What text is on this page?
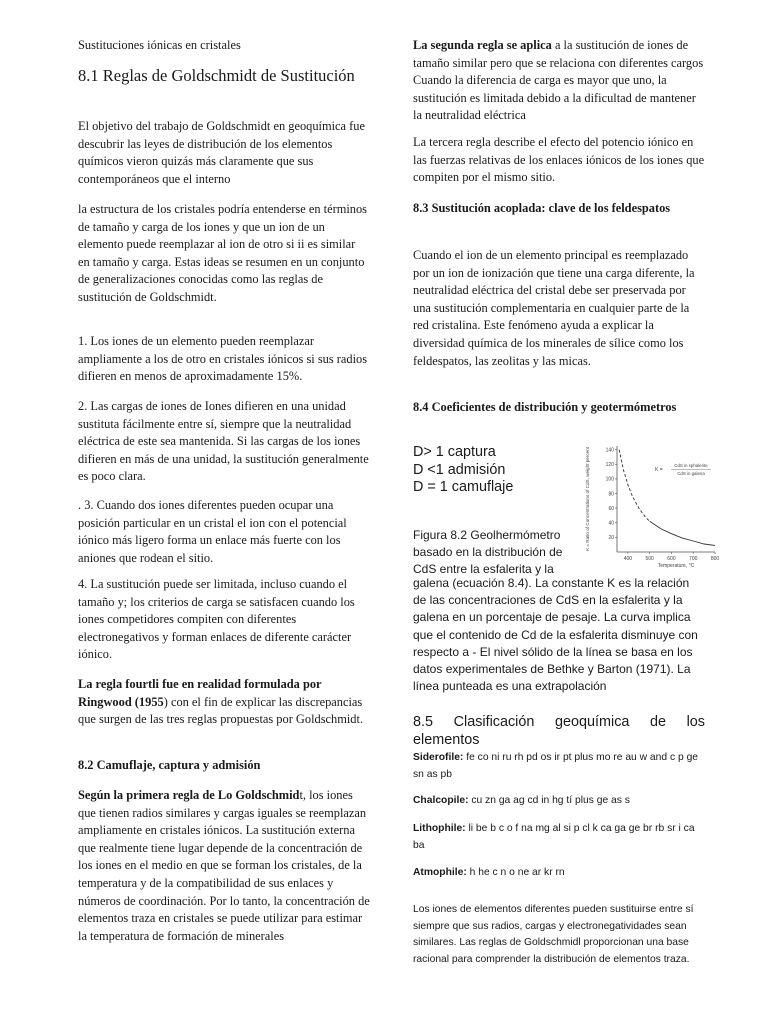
Sustituciones iónicas en cristales
8.1 Reglas de Goldschmidt de Sustitución

El objetivo del trabajo de Goldschmidt en geoquímica fue descubrir las leyes de distribución de los elementos químicos vieron quizás más claramente que sus contemporáneos que el interno

la estructura de los cristales podría entenderse en términos de tamaño y carga de los iones y que un ion de un elemento puede reemplazar al ion de otro si ii es similar en tamaño y carga. Estas ideas se resumen en un conjunto de generalizaciones conocidas como las reglas de sustitución de Goldschmidt.

1. Los iones de un elemento pueden reemplazar ampliamente a los de otro en cristales iónicos si sus radios difieren en menos de aproximadamente 15%.

2. Las cargas de iones de Iones difieren en una unidad sustituta fácilmente entre sí, siempre que la neutralidad eléctrica de este sea mantenida. Si las cargas de los iones difieren en más de una unidad, la sustitución generalmente es poco clara.

. 3. Cuando dos iones diferentes pueden ocupar una posición particular en un cristal el ion con el potencial iónico más ligero forma un enlace más fuerte con los aniones que rodean el sitio.

4. La sustitución puede ser limitada, incluso cuando el tamaño y; los criterios de carga se satisfacen cuando los iones competidores compiten con diferentes electronegativos y forman enlaces de diferente carácter iónico.

La regla fourtli fue en realidad formulada por Ringwood (1955) con el fin de explicar las discrepancias que surgen de las tres reglas propuestas por Goldschmidt.

8.2 Camuflaje, captura y admisión

Según la primera regla de Lo Goldschmidt, los iones que tienen radios similares y cargas iguales se reemplazan ampliamente en cristales iónicos. La sustitución externa que realmente tiene lugar depende de la concentración de los iones en el medio en que se forman los cristales, de la temperatura y de la compatibilidad de sus enlaces y números de coordinación. Por lo tanto, la concentración de elementos traza en cristales se puede utilizar para estimar la temperatura de formación de minerales

La segunda regla se aplica a la sustitución de iones de tamaño similar pero que se relaciona con diferentes cargos Cuando la diferencia de carga es mayor que uno, la sustitución es limitada debido a la dificultad de mantener la neutralidad eléctrica

La tercera regla describe el efecto del potencio iónico en las fuerzas relativas de los enlaces iónicos de los iones que compiten por el mismo sitio.

8.3 Sustitución acoplada: clave de los feldespatos

Cuando el ion de un elemento principal es reemplazado por un ion de ionización que tiene una carga diferente, la neutralidad eléctrica del cristal debe ser preservada por una sustitución complementaria en cualquier parte de la red cristalina. Este fenómeno ayuda a explicar la diversidad química de los minerales de sílice como los feldespatos, las zeolitas y las micas.

8.4 Coeficientes de distribución y geotermómetros
D> 1 captura
D <1 admisión
D = 1 camuflaje
140
120
100
80
60
40
20
400	500	600	700	800
Temperature, °C
K = Ratio of Concentrations of CdS, weight percent	K =
CdS in sphalerite
CdS in galena

Figura 8.2 Geolhermómetro basado en la distribución de CdS entre la esfalerita y la

galena (ecuación 8.4). La constante K es la relación de las concentraciones de CdS en la esfalerita y la galena en un porcentaje de pesaje. La curva implica que el contenido de Cd de la esfalerita disminuye con respecto a - El nivel sólido de la línea se basa en los datos experimentales de Bethke y Barton (1971). La línea punteada es una extrapolación

8.5 Clasificación geoquímica de los elementos
Siderofile: fe co ni ru rh pd os ir pt plus mo re au w and c p ge sn as pb
Chalcopile: cu zn ga ag cd in hg tí plus ge as s
Lithophile: li be b c o f na mg al si p cl k ca ga ge br rb sr i ca ba
Atmophile: h he c n o ne ar kr rn

Los iones de elementos diferentes pueden sustituirse entre sí siempre que sus radios, cargas y electronegatividades sean similares. Las reglas de Goldschmidl proporcionan una base racional para comprender la distribución de elementos traza.
